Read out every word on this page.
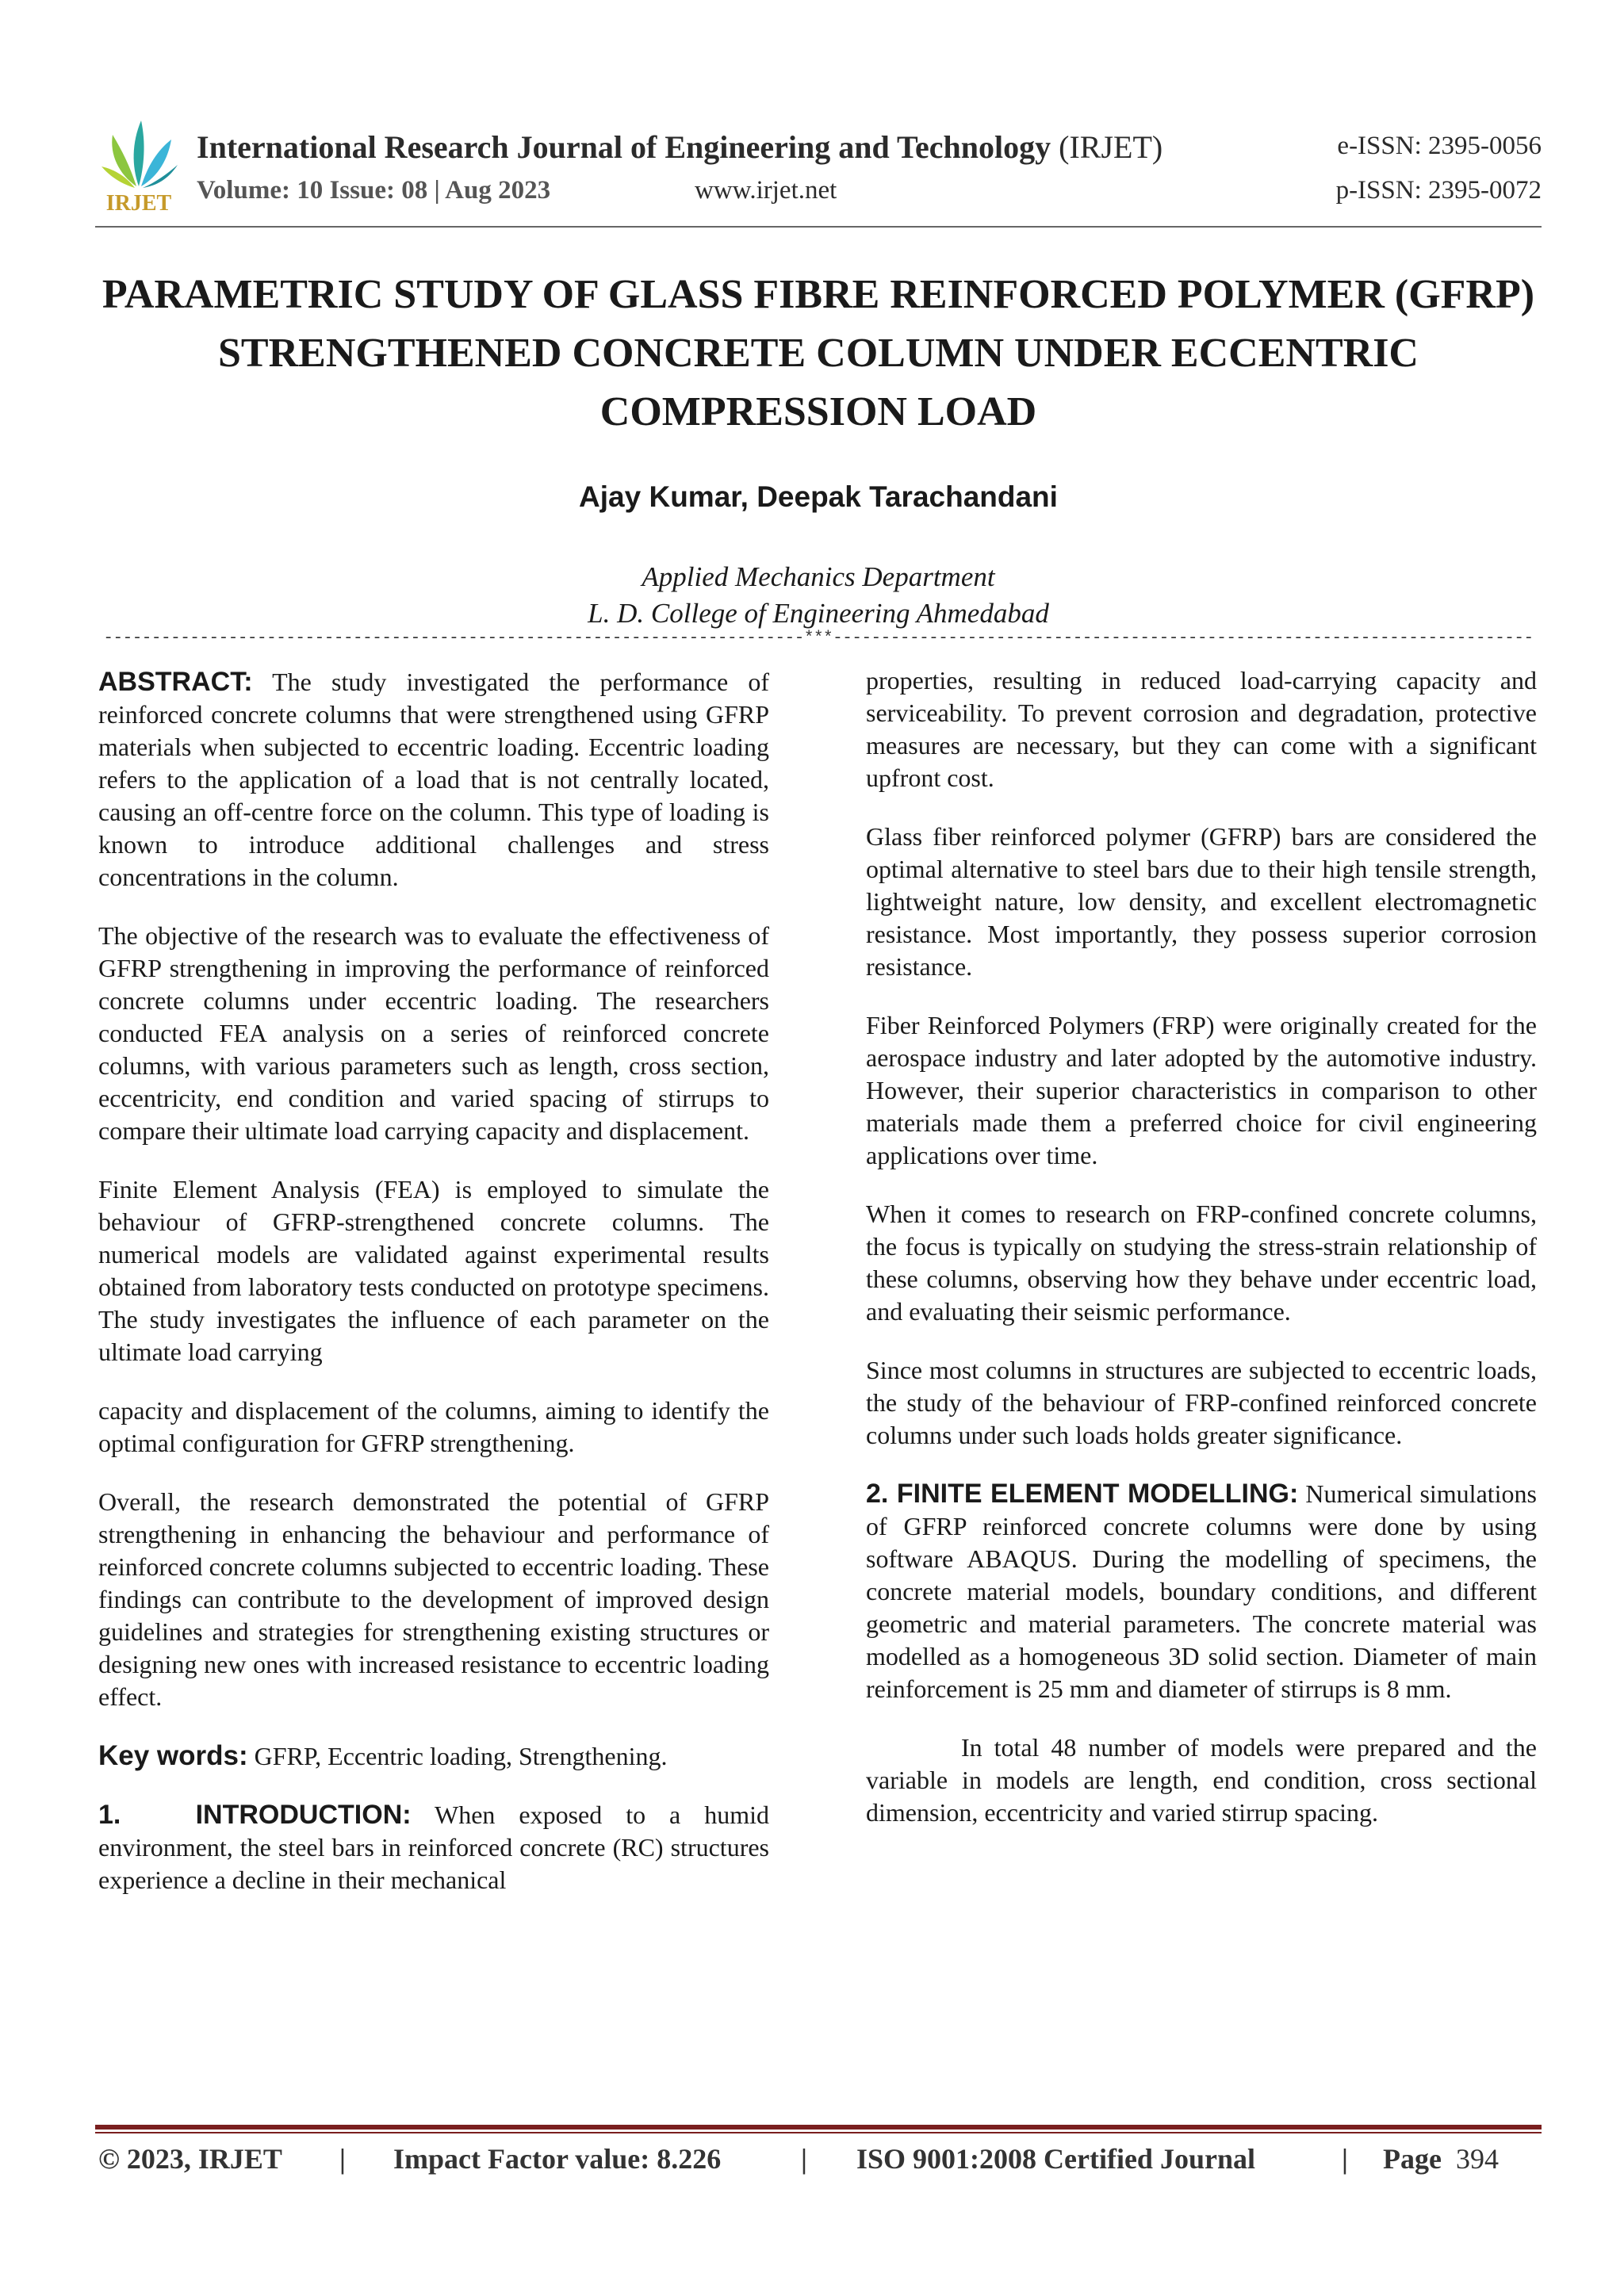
IRJET
International Research Journal of Engineering and Technology (IRJET)
Volume: 10 Issue: 08 | Aug 2023	www.irjet.net
e-ISSN: 2395-0056
p-ISSN: 2395-0072
PARAMETRIC STUDY OF GLASS FIBRE REINFORCED POLYMER (GFRP)
STRENGTHENED CONCRETE COLUMN UNDER ECCENTRIC
COMPRESSION LOAD
Ajay Kumar, Deepak Tarachandani
Applied Mechanics Department
L. D. College of Engineering Ahmedabad
-------------------------------------------------------------------------***-------------------------------------------------------------------------

ABSTRACT: The study investigated the performance of reinforced concrete columns that were strengthened using GFRP materials when subjected to eccentric loading. Eccentric loading refers to the application of a load that is not centrally located, causing an off-centre force on the column. This type of loading is known to introduce additional challenges and stress concentrations in the column.

The objective of the research was to evaluate the effectiveness of GFRP strengthening in improving the performance of reinforced concrete columns under eccentric loading. The researchers conducted FEA analysis on a series of reinforced concrete columns, with various parameters such as length, cross section, eccentricity, end condition and varied spacing of stirrups to compare their ultimate load carrying capacity and displacement.

Finite Element Analysis (FEA) is employed to simulate the behaviour of GFRP-strengthened concrete columns. The numerical models are validated against experimental results obtained from laboratory tests conducted on prototype specimens. The study investigates the influence of each parameter on the ultimate load carrying

capacity and displacement of the columns, aiming to identify the optimal configuration for GFRP strengthening.

Overall, the research demonstrated the potential of GFRP strengthening in enhancing the behaviour and performance of reinforced concrete columns subjected to eccentric loading. These findings can contribute to the development of improved design guidelines and strategies for strengthening existing structures or designing new ones with increased resistance to eccentric loading effect.

Key words: GFRP, Eccentric loading, Strengthening.

1.   INTRODUCTION: When exposed to a humid environment, the steel bars in reinforced concrete (RC) structures experience a decline in their mechanical

properties, resulting in reduced load-carrying capacity and serviceability. To prevent corrosion and degradation, protective measures are necessary, but they can come with a significant upfront cost.

Glass fiber reinforced polymer (GFRP) bars are considered the optimal alternative to steel bars due to their high tensile strength, lightweight nature, low density, and excellent electromagnetic resistance. Most importantly, they possess superior corrosion resistance.

Fiber Reinforced Polymers (FRP) were originally created for the aerospace industry and later adopted by the automotive industry. However, their superior characteristics in comparison to other materials made them a preferred choice for civil engineering applications over time.

When it comes to research on FRP-confined concrete columns, the focus is typically on studying the stress-strain relationship of these columns, observing how they behave under eccentric load, and evaluating their seismic performance.

Since most columns in structures are subjected to eccentric loads, the study of the behaviour of FRP-confined reinforced concrete columns under such loads holds greater significance.

2. FINITE ELEMENT MODELLING: Numerical simulations of GFRP reinforced concrete columns were done by using software ABAQUS. During the modelling of specimens, the concrete material models, boundary conditions, and different geometric and material parameters. The concrete material was modelled as a homogeneous 3D solid section. Diameter of main reinforcement is 25 mm and diameter of stirrups is 8 mm.

In total 48 number of models were prepared and the variable in models are length, end condition, cross sectional dimension, eccentricity and varied stirrup spacing.

© 2023, IRJET | Impact Factor value: 8.226	| ISO 9001:2008 Certified Journal	| Page 394
